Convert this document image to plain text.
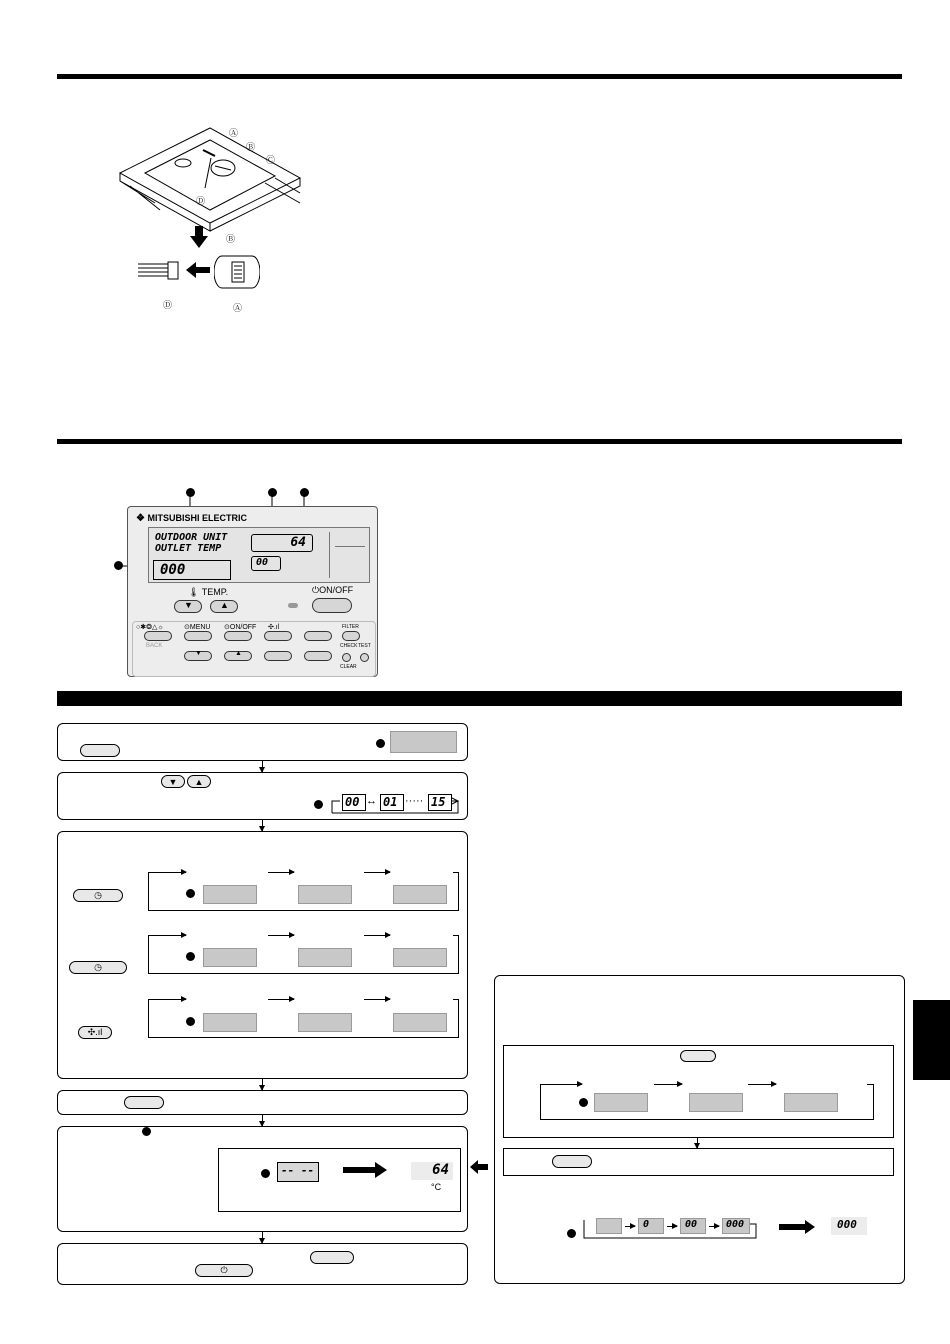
Ⓐ
Ⓑ
Ⓒ
Ⓓ
Ⓑ
Ⓓ	Ⓐ
❖ MITSUBISHI ELECTRIC
OUTDOOR UNIT
OUTLET TEMP
000
64
00
🌡 TEMP.
▼	▲
⏻ON/OFF
○✱❂△☼	⊙MENU ⊙ON/OFF ✣.ıl	FILTER
BACK
▼	▲
CHECK TEST
CLEAR
▼	▲
00 ↔ 01 ····· 15
◷
◷
✣.ıl
-- --	64
°C
⏻
0	00	000	000
